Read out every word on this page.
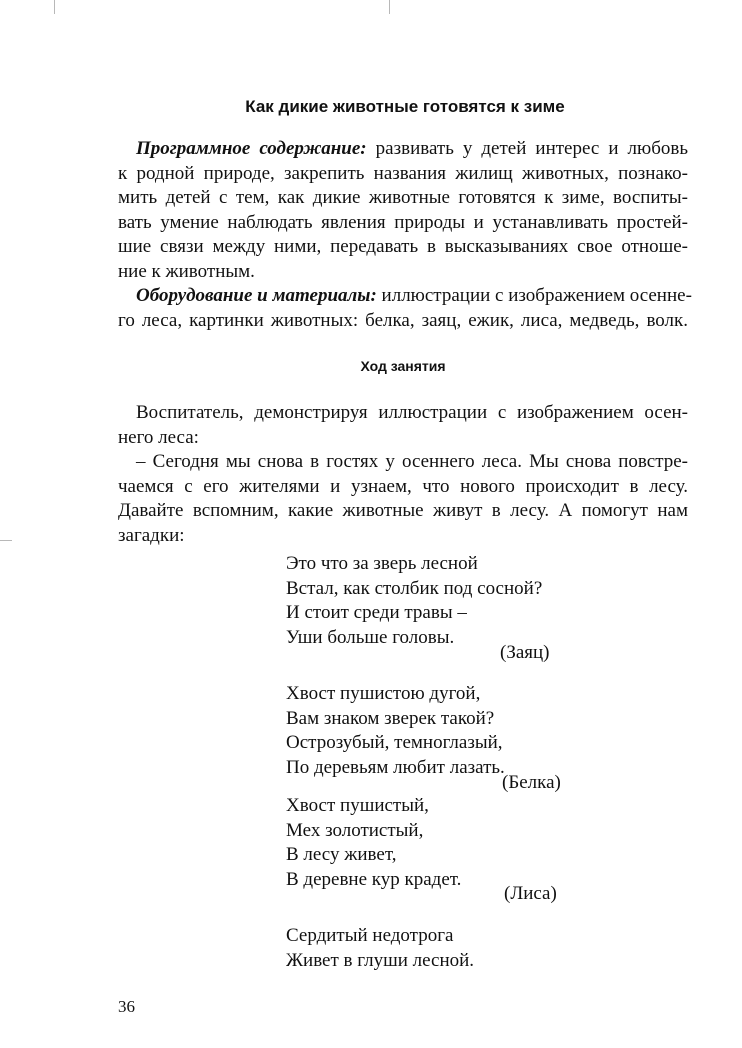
Как дикие животные готовятся к зиме
Программное содержание: развивать у детей интерес и любовь
к родной природе, закрепить названия жилищ животных, познако-
мить детей с тем, как дикие животные готовятся к зиме, воспиты-
вать умение наблюдать явления природы и устанавливать простей-
шие связи между ними, передавать в высказываниях свое отноше-
ние к животным.
Оборудование и материалы: иллюстрации с изображением осенне-
го леса, картинки животных: белка, заяц, ежик, лиса, медведь, волк.
Ход занятия
Воспитатель, демонстрируя иллюстрации с изображением осен-
него леса:
– Сегодня мы снова в гостях у осеннего леса. Мы снова повстре-
чаемся с его жителями и узнаем, что нового происходит в лесу.
Давайте вспомним, какие животные живут в лесу. А помогут нам
загадки:
Это что за зверь лесной
Встал, как столбик под сосной?
И стоит среди травы –
Уши больше головы.

(Заяц)

Хвост пушистою дугой,
Вам знаком зверек такой?
Острозубый, темноглазый,
По деревьям любит лазать.

(Белка)

Хвост пушистый,
Мех золотистый,
В лесу живет,
В деревне кур крадет.

(Лиса)

Сердитый недотрога
Живет в глуши лесной.

36
